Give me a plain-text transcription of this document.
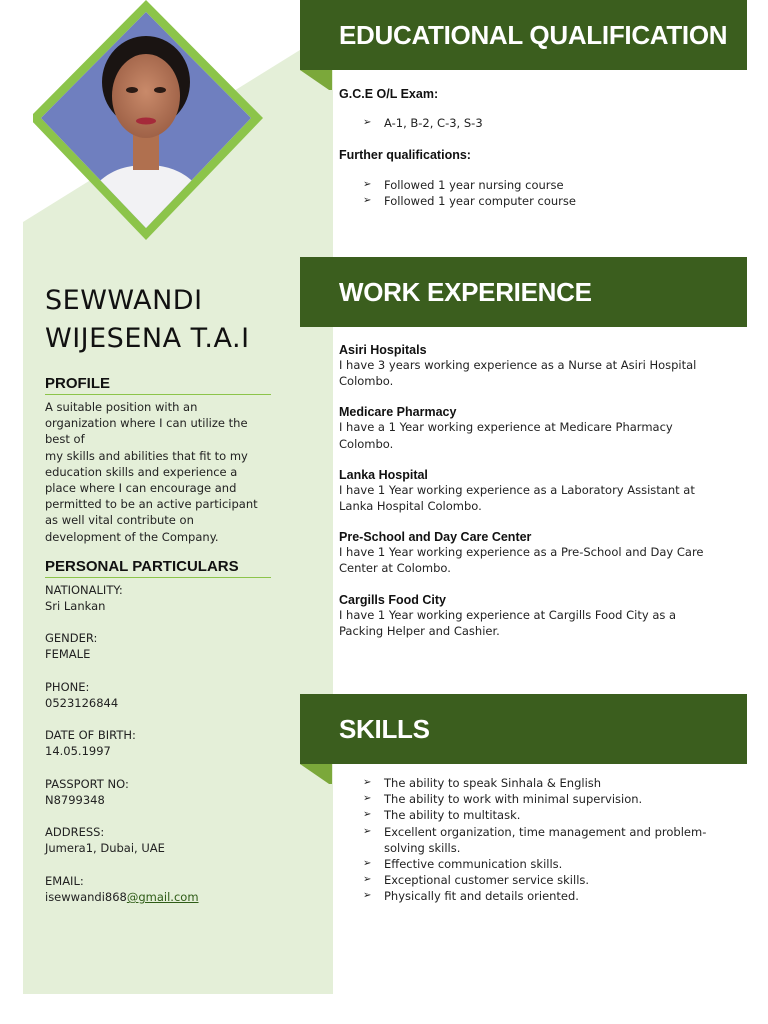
SEWWANDI
WIJESENA T.A.I
PROFILE
A suitable position with an
organization where I can utilize the
best of
my skills and abilities that fit to my
education skills and experience a
place where I can encourage and
permitted to be an active participant
as well vital contribute on
development of the Company.
PERSONAL PARTICULARS
NATIONALITY:
Sri Lankan
GENDER:
FEMALE
PHONE:
0523126844
DATE OF BIRTH:
14.05.1997
PASSPORT NO:
N8799348
ADDRESS:
Jumera1, Dubai, UAE
EMAIL:
isewwandi868@gmail.com
EDUCATIONAL QUALIFICATION
G.C.E O/L Exam:
➢ A-1, B-2, C-3, S-3
Further qualifications:
➢ Followed 1 year nursing course
➢ Followed 1 year computer course
WORK EXPERIENCE
Asiri Hospitals
I have 3 years working experience as a Nurse at Asiri Hospital
Colombo.
Medicare Pharmacy
I have a 1 Year working experience at Medicare Pharmacy
Colombo.
Lanka Hospital
I have 1 Year working experience as a Laboratory Assistant at
Lanka Hospital Colombo.
Pre-School and Day Care Center
I have 1 Year working experience as a Pre-School and Day Care
Center at Colombo.
Cargills Food City
I have 1 Year working experience at Cargills Food City as a
Packing Helper and Cashier.
SKILLS
➢ The ability to speak Sinhala & English
➢ The ability to work with minimal supervision.
➢ The ability to multitask.
➢ Excellent organization, time management and problem-
solving skills.
➢ Effective communication skills.
➢ Exceptional customer service skills.
➢ Physically fit and details oriented.
